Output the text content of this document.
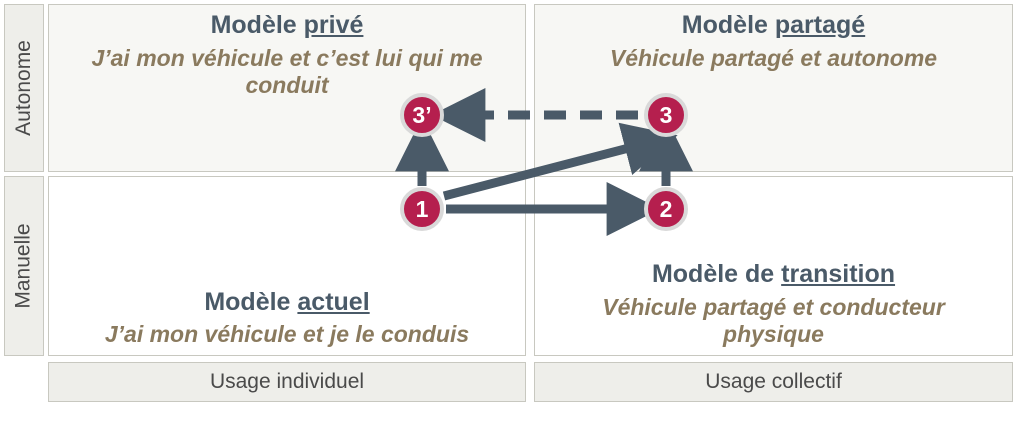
Autonome
Manuelle
Modèle privé
J’ai mon véhicule et c’est lui qui me conduit
Modèle partagé
Véhicule partagé et autonome
Modèle actuel
J’ai mon véhicule et je le conduis
Modèle de transition
Véhicule partagé et conducteur physique
Usage individuel	Usage collectif
3’	3
1	2
